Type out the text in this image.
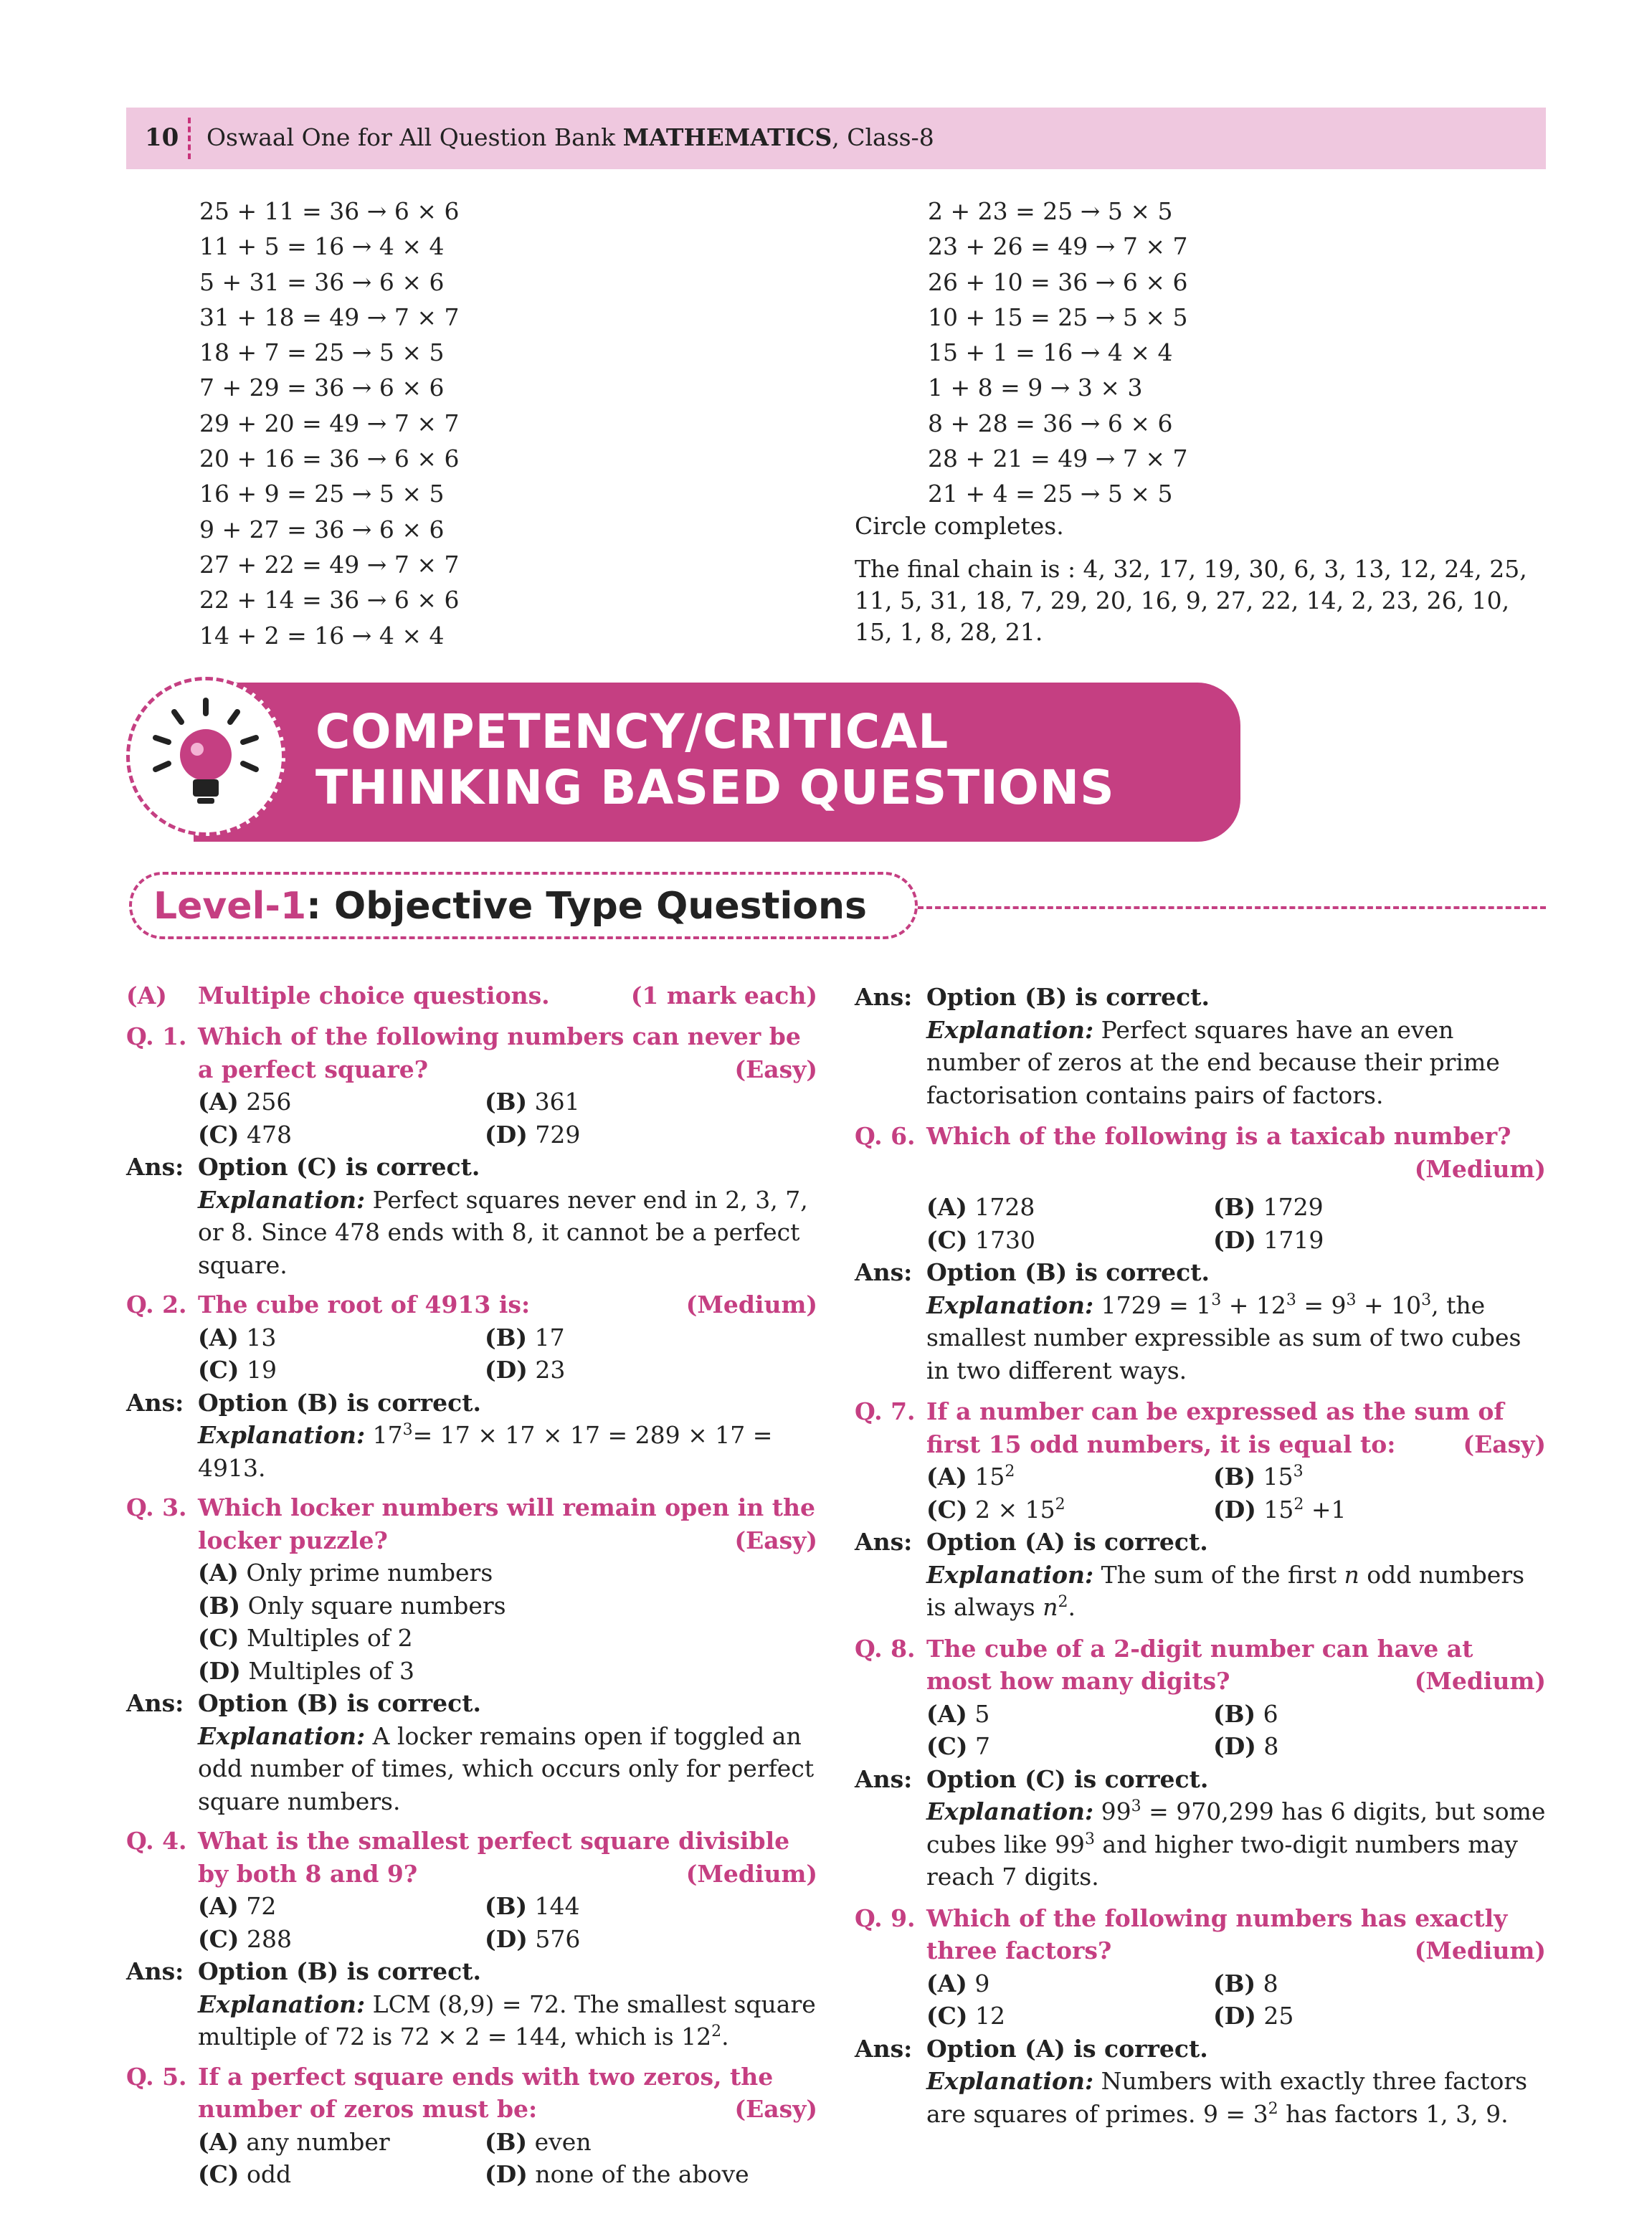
10 Oswaal One for All Question Bank MATHEMATICS, Class-8
25 + 11 = 36 → 6 × 6
11 + 5 = 16 → 4 × 4
5 + 31 = 36 → 6 × 6
31 + 18 = 49 → 7 × 7
18 + 7 = 25 → 5 × 5
7 + 29 = 36 → 6 × 6
29 + 20 = 49 → 7 × 7
20 + 16 = 36 → 6 × 6
16 + 9 = 25 → 5 × 5
9 + 27 = 36 → 6 × 6
27 + 22 = 49 → 7 × 7
22 + 14 = 36 → 6 × 6
14 + 2 = 16 → 4 × 4
2 + 23 = 25 → 5 × 5
23 + 26 = 49 → 7 × 7
26 + 10 = 36 → 6 × 6
10 + 15 = 25 → 5 × 5
15 + 1 = 16 → 4 × 4
1 + 8 = 9 → 3 × 3
8 + 28 = 36 → 6 × 6
28 + 21 = 49 → 7 × 7
21 + 4 = 25 → 5 × 5
Circle completes.
The final chain is : 4, 32, 17, 19, 30, 6, 3, 13, 12, 24, 25, 11, 5, 31, 18, 7, 29, 20, 16, 9, 27, 22, 14, 2, 23, 26, 10, 15, 1, 8, 28, 21.
COMPETENCY/CRITICAL
THINKING BASED QUESTIONS
Level-1: Objective Type Questions
(A) Multiple choice questions.	(1 mark each)
Q. 1. Which of the following numbers can never be a perfect square?	(Easy)
(A) 256	(B) 361
(C) 478	(D) 729
Ans: Option (C) is correct.
Explanation: Perfect squares never end in 2, 3, 7, or 8. Since 478 ends with 8, it cannot be a perfect square.
Q. 2. The cube root of 4913 is:	(Medium)
(A) 13	(B) 17
(C) 19	(D) 23
Ans: Option (B) is correct.
Explanation: $17^3= 17 \times 17 \times 17 = 289 \times 17 = 4913$.
Q. 3. Which locker numbers will remain open in the locker puzzle?	(Easy)
(A) Only prime numbers
(B) Only square numbers
(C) Multiples of 2
(D) Multiples of 3
Ans: Option (B) is correct.
Explanation: A locker remains open if toggled an odd number of times, which occurs only for perfect square numbers.
Q. 4. What is the smallest perfect square divisible by both 8 and 9?	(Medium)
(A) 72	(B) 144
(C) 288	(D) 576
Ans: Option (B) is correct.
Explanation: LCM (8,9) = 72. The smallest square multiple of 72 is 72 × 2 = 144, which is $12^2$.
Q. 5. If a perfect square ends with two zeros, the number of zeros must be:	(Easy)
(A) any number	(B) even
(C) odd	(D) none of the above
Ans: Option (B) is correct.
Explanation: Perfect squares have an even number of zeros at the end because their prime factorisation contains pairs of factors.
Q. 6. Which of the following is a taxicab number?
(Medium)
(A) 1728	(B) 1729
(C) 1730	(D) 1719
Ans: Option (B) is correct.
Explanation: $1729 = 1^3 + 12^3 = 9^3 + 10^3$, the smallest number expressible as sum of two cubes in two different ways.
Q. 7. If a number can be expressed as the sum of first 15 odd numbers, it is equal to:	(Easy)
(A) $15^2$	(B) $15^3$
(C) $2 \times 15^2$	(D) $15^2 +1$
Ans: Option (A) is correct.
Explanation: The sum of the first n odd numbers is always $n^2$.
Q. 8. The cube of a 2-digit number can have at most how many digits?	(Medium)
(A) 5	(B) 6
(C) 7	(D) 8
Ans: Option (C) is correct.
Explanation: $99^3 = 970,299$ has 6 digits, but some cubes like $99^3$ and higher two-digit numbers may reach 7 digits.
Q. 9. Which of the following numbers has exactly three factors?	(Medium)
(A) 9	(B) 8
(C) 12	(D) 25
Ans: Option (A) is correct.
Explanation: Numbers with exactly three factors are squares of primes. $9 = 3^2$ has factors 1, 3, 9.
